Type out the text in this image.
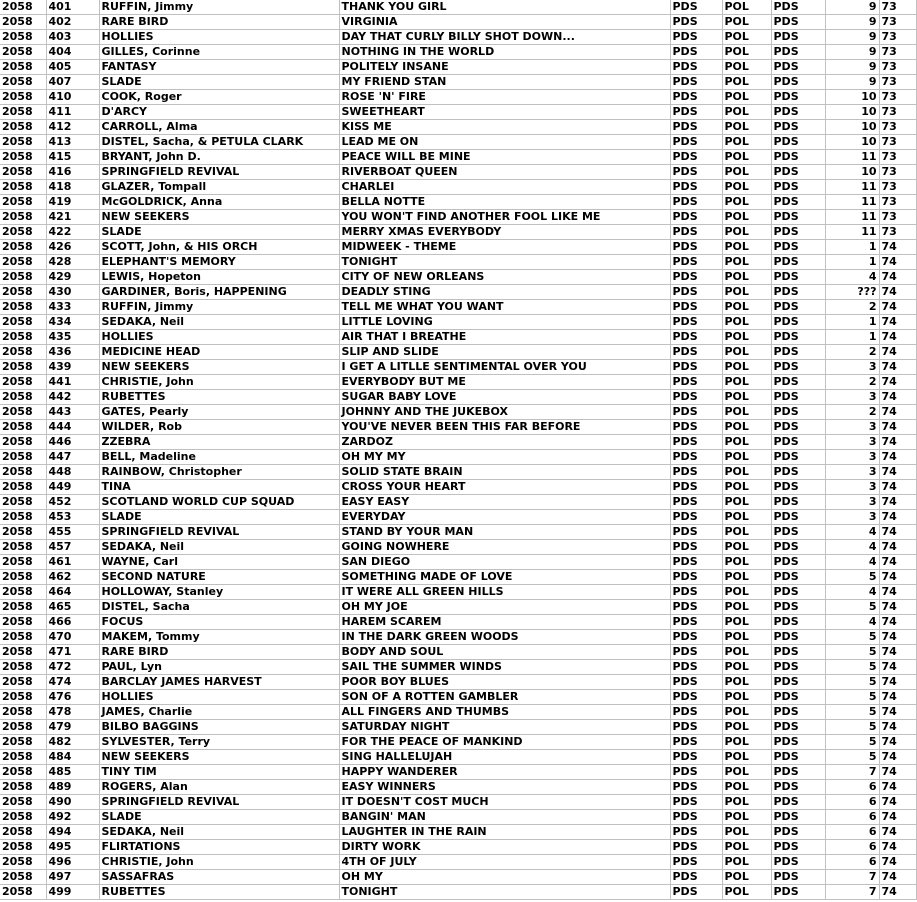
2058	401	RUFFIN, Jimmy	THANK YOU GIRL	PDS	POL	PDS	9	73
2058	402	RARE BIRD	VIRGINIA	PDS	POL	PDS	9	73
2058	403	HOLLIES	DAY THAT CURLY BILLY SHOT DOWN...	PDS	POL	PDS	9	73
2058	404	GILLES, Corinne	NOTHING IN THE WORLD	PDS	POL	PDS	9	73
2058	405	FANTASY	POLITELY INSANE	PDS	POL	PDS	9	73
2058	407	SLADE	MY FRIEND STAN	PDS	POL	PDS	9	73
2058	410	COOK, Roger	ROSE 'N' FIRE	PDS	POL	PDS	10	73
2058	411	D'ARCY	SWEETHEART	PDS	POL	PDS	10	73
2058	412	CARROLL, Alma	KISS ME	PDS	POL	PDS	10	73
2058	413	DISTEL, Sacha, & PETULA CLARK	LEAD ME ON	PDS	POL	PDS	10	73
2058	415	BRYANT, John D.	PEACE WILL BE MINE	PDS	POL	PDS	11	73
2058	416	SPRINGFIELD REVIVAL	RIVERBOAT QUEEN	PDS	POL	PDS	10	73
2058	418	GLAZER, Tompall	CHARLEI	PDS	POL	PDS	11	73
2058	419	McGOLDRICK, Anna	BELLA NOTTE	PDS	POL	PDS	11	73
2058	421	NEW SEEKERS	YOU WON'T FIND ANOTHER FOOL LIKE ME	PDS	POL	PDS	11	73
2058	422	SLADE	MERRY XMAS EVERYBODY	PDS	POL	PDS	11	73
2058	426	SCOTT, John, & HIS ORCH	MIDWEEK - THEME	PDS	POL	PDS	1	74
2058	428	ELEPHANT'S MEMORY	TONIGHT	PDS	POL	PDS	1	74
2058	429	LEWIS, Hopeton	CITY OF NEW ORLEANS	PDS	POL	PDS	4	74
2058	430	GARDINER, Boris, HAPPENING	DEADLY STING	PDS	POL	PDS	???	74
2058	433	RUFFIN, Jimmy	TELL ME WHAT YOU WANT	PDS	POL	PDS	2	74
2058	434	SEDAKA, Neil	LITTLE LOVING	PDS	POL	PDS	1	74
2058	435	HOLLIES	AIR THAT I BREATHE	PDS	POL	PDS	1	74
2058	436	MEDICINE HEAD	SLIP AND SLIDE	PDS	POL	PDS	2	74
2058	439	NEW SEEKERS	I GET A LITLLE SENTIMENTAL OVER YOU	PDS	POL	PDS	3	74
2058	441	CHRISTIE, John	EVERYBODY BUT ME	PDS	POL	PDS	2	74
2058	442	RUBETTES	SUGAR BABY LOVE	PDS	POL	PDS	3	74
2058	443	GATES, Pearly	JOHNNY AND THE JUKEBOX	PDS	POL	PDS	2	74
2058	444	WILDER, Rob	YOU'VE NEVER BEEN THIS FAR BEFORE	PDS	POL	PDS	3	74
2058	446	ZZEBRA	ZARDOZ	PDS	POL	PDS	3	74
2058	447	BELL, Madeline	OH MY MY	PDS	POL	PDS	3	74
2058	448	RAINBOW, Christopher	SOLID STATE BRAIN	PDS	POL	PDS	3	74
2058	449	TINA	CROSS YOUR HEART	PDS	POL	PDS	3	74
2058	452	SCOTLAND WORLD CUP SQUAD	EASY EASY	PDS	POL	PDS	3	74
2058	453	SLADE	EVERYDAY	PDS	POL	PDS	3	74
2058	455	SPRINGFIELD REVIVAL	STAND BY YOUR MAN	PDS	POL	PDS	4	74
2058	457	SEDAKA, Neil	GOING NOWHERE	PDS	POL	PDS	4	74
2058	461	WAYNE, Carl	SAN DIEGO	PDS	POL	PDS	4	74
2058	462	SECOND NATURE	SOMETHING MADE OF LOVE	PDS	POL	PDS	5	74
2058	464	HOLLOWAY, Stanley	IT WERE ALL GREEN HILLS	PDS	POL	PDS	4	74
2058	465	DISTEL, Sacha	OH MY JOE	PDS	POL	PDS	5	74
2058	466	FOCUS	HAREM SCAREM	PDS	POL	PDS	4	74
2058	470	MAKEM, Tommy	IN THE DARK GREEN WOODS	PDS	POL	PDS	5	74
2058	471	RARE BIRD	BODY AND SOUL	PDS	POL	PDS	5	74
2058	472	PAUL, Lyn	SAIL THE SUMMER WINDS	PDS	POL	PDS	5	74
2058	474	BARCLAY JAMES HARVEST	POOR BOY BLUES	PDS	POL	PDS	5	74
2058	476	HOLLIES	SON OF A ROTTEN GAMBLER	PDS	POL	PDS	5	74
2058	478	JAMES, Charlie	ALL FINGERS AND THUMBS	PDS	POL	PDS	5	74
2058	479	BILBO BAGGINS	SATURDAY NIGHT	PDS	POL	PDS	5	74
2058	482	SYLVESTER, Terry	FOR THE PEACE OF MANKIND	PDS	POL	PDS	5	74
2058	484	NEW SEEKERS	SING HALLELUJAH	PDS	POL	PDS	5	74
2058	485	TINY TIM	HAPPY WANDERER	PDS	POL	PDS	7	74
2058	489	ROGERS, Alan	EASY WINNERS	PDS	POL	PDS	6	74
2058	490	SPRINGFIELD REVIVAL	IT DOESN'T COST MUCH	PDS	POL	PDS	6	74
2058	492	SLADE	BANGIN' MAN	PDS	POL	PDS	6	74
2058	494	SEDAKA, Neil	LAUGHTER IN THE RAIN	PDS	POL	PDS	6	74
2058	495	FLIRTATIONS	DIRTY WORK	PDS	POL	PDS	6	74
2058	496	CHRISTIE, John	4TH OF JULY	PDS	POL	PDS	6	74
2058	497	SASSAFRAS	OH MY	PDS	POL	PDS	7	74
2058	499	RUBETTES	TONIGHT	PDS	POL	PDS	7	74
